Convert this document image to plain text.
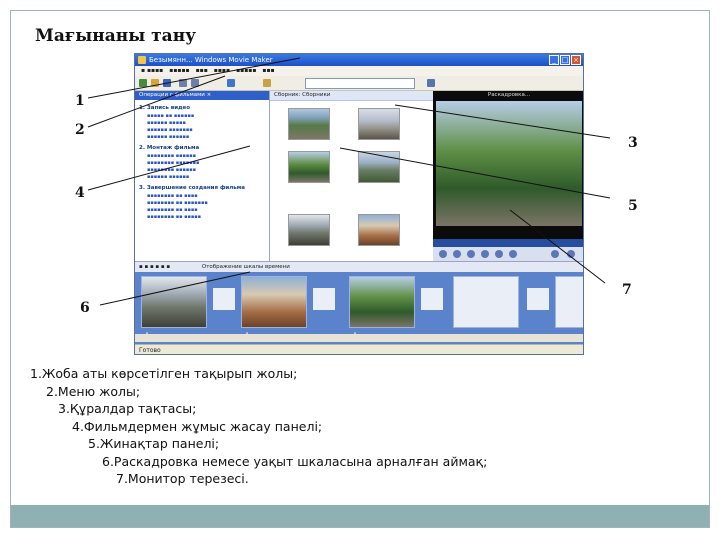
Мағынаны тану
Безымянн... Windows Movie Maker	_ □ ×
▪ ▪▪▪▪ ▪▪▪▪▪ ▪▪▪ ▪▪▪▪ ▪▪▪▪▪ ▪▪▪
Операции с фильмами ×
1. Запись видео
▪▪▪▪▪ ▪▪ ▪▪▪▪▪▪
▪▪▪▪▪▪ ▪▪▪▪▪
▪▪▪▪▪▪ ▪▪▪▪▪▪▪
▪▪▪▪▪▪ ▪▪▪▪▪▪
2. Монтаж фильма
▪▪▪▪▪▪▪▪ ▪▪▪▪▪▪
▪▪▪▪▪▪▪▪ ▪▪▪▪▪▪▪
▪▪▪▪▪▪▪▪ ▪▪▪▪▪▪
▪▪▪▪▪▪ ▪▪▪▪▪▪
3. Завершение создания фильма
▪▪▪▪▪▪▪▪ ▪▪ ▪▪▪▪
▪▪▪▪▪▪▪▪ ▪▪ ▪▪▪▪▪▪▪
▪▪▪▪▪▪▪▪ ▪▪ ▪▪▪▪
▪▪▪▪▪▪▪▪ ▪▪ ▪▪▪▪▪
Сборник: Сборники	Раскадровка...
▪ ▪ ▪ ▪ ▪ ▪	Отображение шкалы времени
Готово
1
2
3
4
5
6
7
1.Жоба аты көрсетілген тақырып жолы;
2.Меню жолы;
3.Құралдар тақтасы;
4.Фильмдермен жұмыс жасау панелі;
5.Жинақтар панелі;
6.Раскадровка немесе уақыт шкаласына арналған аймақ;
7.Монитор терезесі.
